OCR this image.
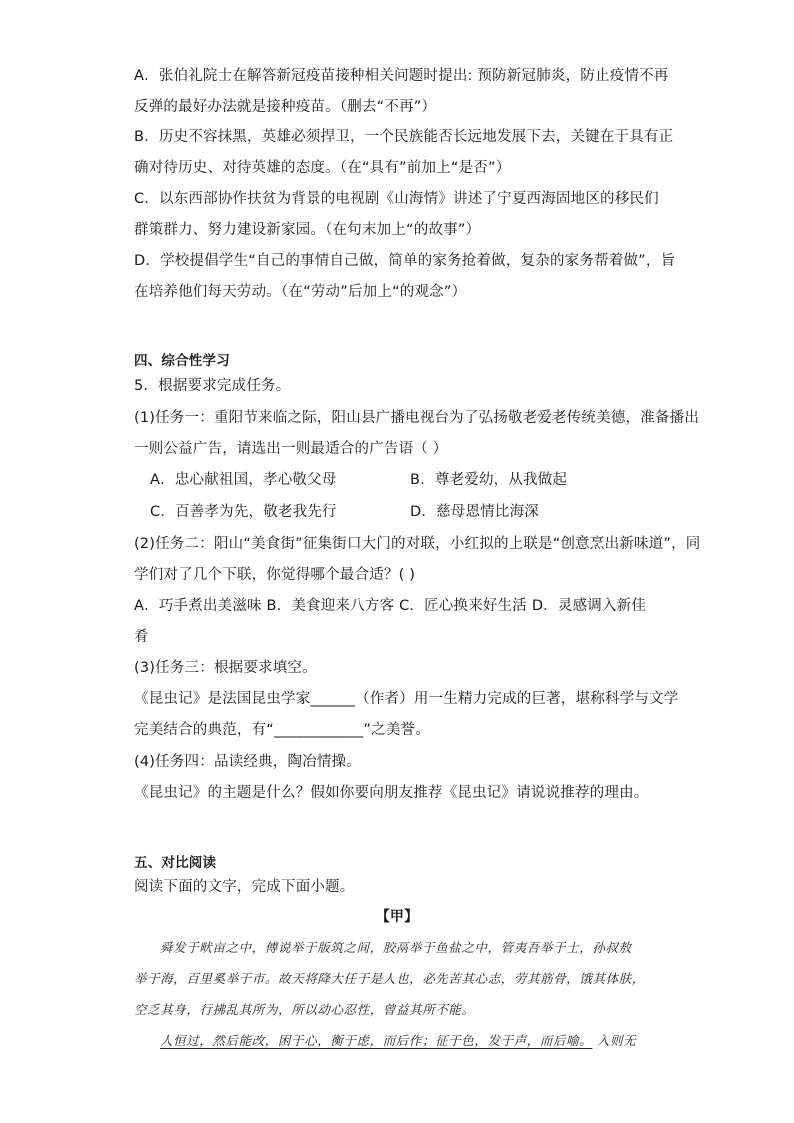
A．张伯礼院士在解答新冠疫苗接种相关问题时提出: 预防新冠肺炎，防止疫情不再
反弹的最好办法就是接种疫苗。（删去“不再”）
B．历史不容抹黑，英雄必须捍卫，一个民族能否长远地发展下去，关键在于具有正
确对待历史、对待英雄的态度。（在“具有”前加上“是否”）
C．以东西部协作扶贫为背景的电视剧《山海情》讲述了宁夏西海固地区的移民们
群策群力、努力建设新家园。（在句末加上“的故事”）
D．学校提倡学生“自己的事情自己做，简单的家务抢着做，复杂的家务帮着做”，旨
在培养他们每天劳动。（在“劳动”后加上“的观念”）
四、综合性学习
5．根据要求完成任务。
(1)任务一：重阳节来临之际，阳山县广播电视台为了弘扬敬老爱老传统美德，准备播出
一则公益广告，请选出一则最适合的广告语（ ）
A．忠心献祖国，孝心敬父母	B．尊老爱幼，从我做起
C．百善孝为先，敬老我先行	D．慈母恩情比海深
(2)任务二：阳山“美食街”征集街口大门的对联，小红拟的上联是“创意烹出新味道”，同
学们对了几个下联，你觉得哪个最合适？( )
A．巧手煮出美滋味 B．美食迎来八方客 C．匠心换来好生活 D．灵感调入新佳
肴
(3)任务三：根据要求填空。
《昆虫记》是法国昆虫学家______（作者）用一生精力完成的巨著，堪称科学与文学
完美结合的典范，有“____________”之美誉。
(4)任务四：品读经典，陶冶情操。
《昆虫记》的主题是什么？假如你要向朋友推荐《昆虫记》请说说推荐的理由。
五、对比阅读
阅读下面的文字，完成下面小题。
【甲】
舜发于畎亩之中，傅说举于版筑之间，胶鬲举于鱼盐之中，管夷吾举于士，孙叔敖
举于海，百里奚举于市。故天将降大任于是人也，必先苦其心志，劳其筋骨，饿其体肤，
空乏其身，行拂乱其所为，所以动心忍性，曾益其所不能。
人恒过，然后能改，困于心，衡于虑，而后作；征于色，发于声，而后喻。 入则无
